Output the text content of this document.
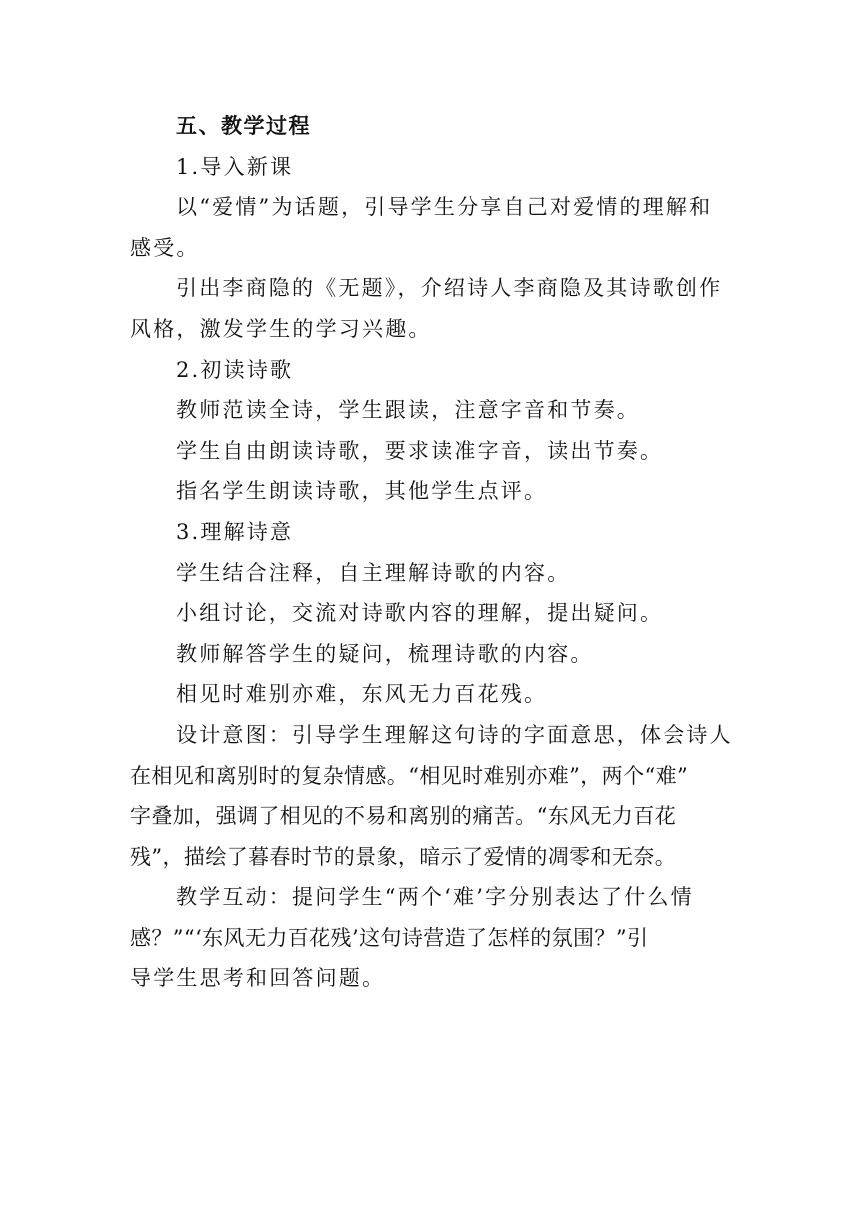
五、教学过程
1.导入新课
以“爱情”为话题，引导学生分享自己对爱情的理解和
感受。
引出李商隐的《无题》，介绍诗人李商隐及其诗歌创作
风格，激发学生的学习兴趣。
2.初读诗歌
教师范读全诗，学生跟读，注意字音和节奏。
学生自由朗读诗歌，要求读准字音，读出节奏。
指名学生朗读诗歌，其他学生点评。
3.理解诗意
学生结合注释，自主理解诗歌的内容。
小组讨论，交流对诗歌内容的理解，提出疑问。
教师解答学生的疑问，梳理诗歌的内容。
相见时难别亦难，东风无力百花残。
设计意图：引导学生理解这句诗的字面意思，体会诗人
在相见和离别时的复杂情感。“相见时难别亦难”，两个“难”
字叠加，强调了相见的不易和离别的痛苦。“东风无力百花
残”，描绘了暮春时节的景象，暗示了爱情的凋零和无奈。
教学互动：提问学生“两个‘难’字分别表达了什么情
感？”“‘东风无力百花残’这句诗营造了怎样的氛围？”引
导学生思考和回答问题。
